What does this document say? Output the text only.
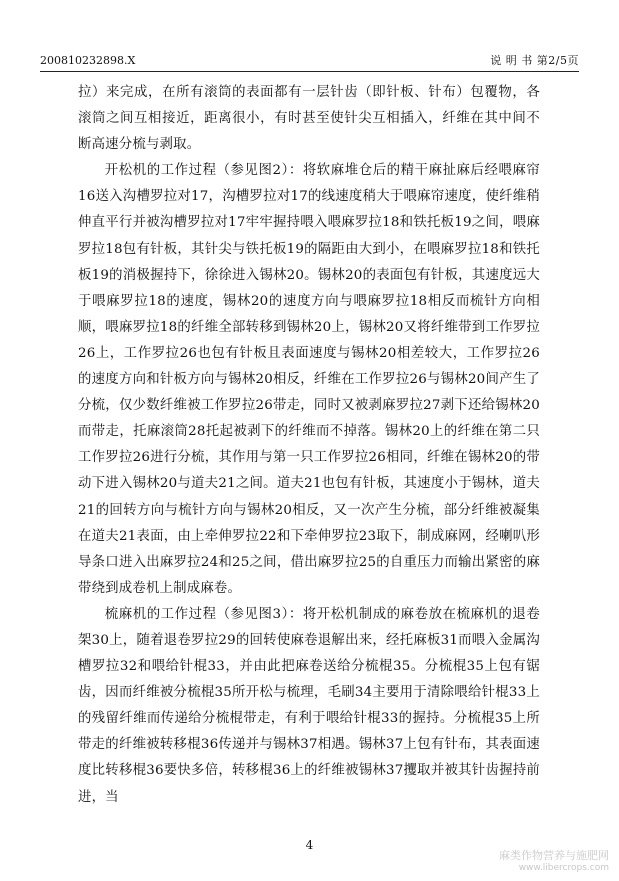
200810232898.X	说 明 书 第2/5页

拉）来完成，在所有滚筒的表面都有一层针齿（即针板、针布）包覆物，各滚筒之间互相接近，距离很小，有时甚至使针尖互相插入，纤维在其中间不断高速分梳与剥取。

开松机的工作过程（参见图2）：将软麻堆仓后的精干麻扯麻后经喂麻帘16送入沟槽罗拉对17，沟槽罗拉对17的线速度稍大于喂麻帘速度，使纤维稍伸直平行并被沟槽罗拉对17牢牢握持喂入喂麻罗拉18和铁托板19之间，喂麻罗拉18包有针板，其针尖与铁托板19的隔距由大到小，在喂麻罗拉18和铁托板19的消极握持下，徐徐进入锡林20。锡林20的表面包有针板，其速度远大于喂麻罗拉18的速度，锡林20的速度方向与喂麻罗拉18相反而梳针方向相顺，喂麻罗拉18的纤维全部转移到锡林20上，锡林20又将纤维带到工作罗拉26上，工作罗拉26也包有针板且表面速度与锡林20相差较大，工作罗拉26的速度方向和针板方向与锡林20相反，纤维在工作罗拉26与锡林20间产生了分梳，仅少数纤维被工作罗拉26带走，同时又被剥麻罗拉27剥下还给锡林20而带走，托麻滚筒28托起被剥下的纤维而不掉落。锡林20上的纤维在第二只工作罗拉26进行分梳，其作用与第一只工作罗拉26相同，纤维在锡林20的带动下进入锡林20与道夫21之间。道夫21也包有针板，其速度小于锡林，道夫21的回转方向与梳针方向与锡林20相反，又一次产生分梳，部分纤维被凝集在道夫21表面，由上牵伸罗拉22和下牵伸罗拉23取下，制成麻网，经喇叭形导条口进入出麻罗拉24和25之间，借出麻罗拉25的自重压力而输出紧密的麻带绕到成卷机上制成麻卷。

梳麻机的工作过程（参见图3）：将开松机制成的麻卷放在梳麻机的退卷架30上，随着退卷罗拉29的回转使麻卷退解出来，经托麻板31而喂入金属沟槽罗拉32和喂给针棍33，并由此把麻卷送给分梳棍35。分梳棍35上包有锯齿，因而纤维被分梳棍35所开松与梳理，毛刷34主要用于清除喂给针棍33上的残留纤维而传递给分梳棍带走，有利于喂给针棍33的握持。分梳棍35上所带走的纤维被转移棍36传递并与锡林37相遇。锡林37上包有针布，其表面速度比转移棍36要快多倍，转移棍36上的纤维被锡林37攫取并被其针齿握持前进，当

4
麻类作物营养与施肥网
www.libercrops.com
